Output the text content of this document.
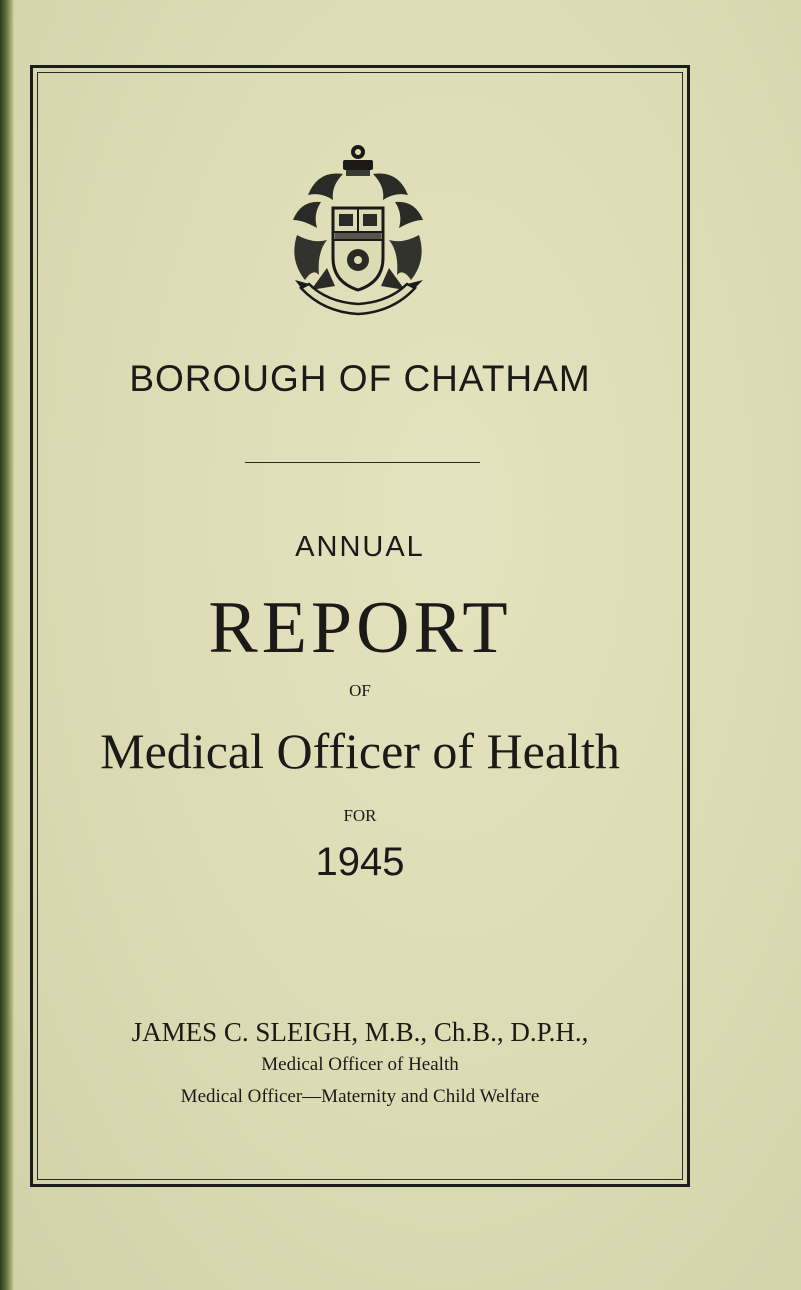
BOROUGH OF CHATHAM
ANNUAL
REPORT
OF
Medical Officer of Health
FOR
1945
JAMES C. SLEIGH, M.B., Ch.B., D.P.H.,
Medical Officer of Health
Medical Officer—Maternity and Child Welfare
